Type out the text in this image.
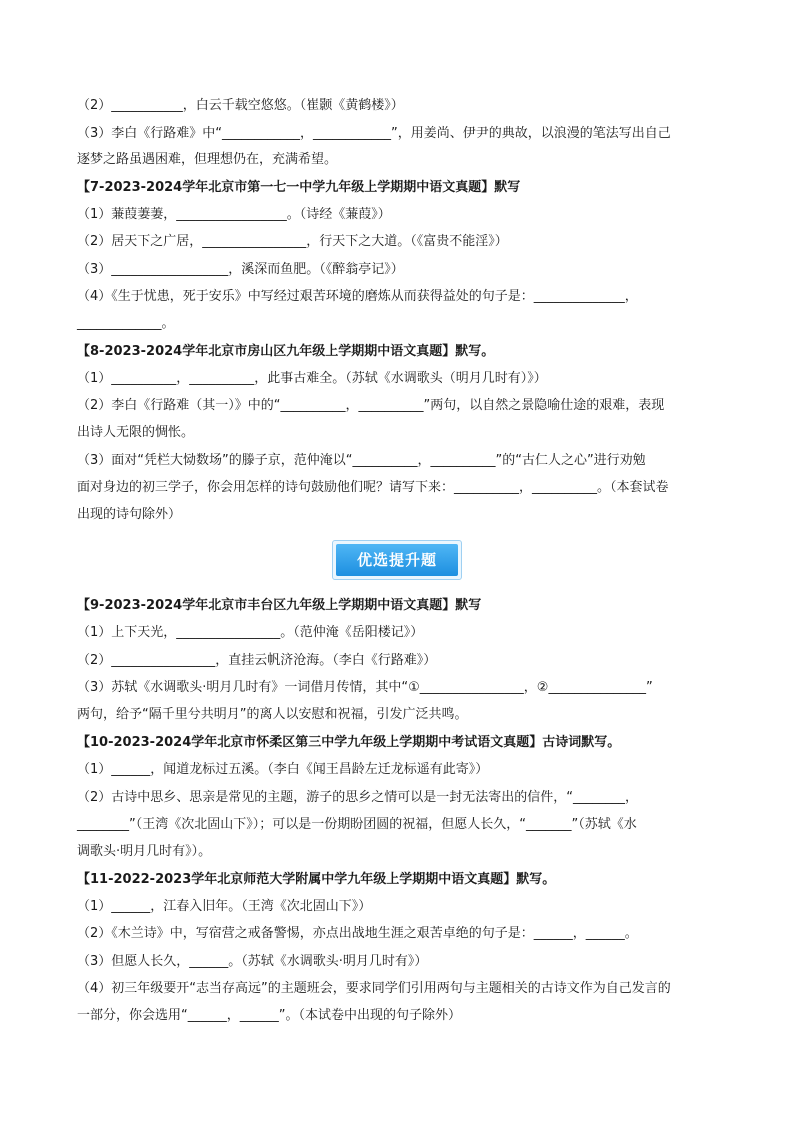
（2）___________，白云千载空悠悠。（崔颢《黄鹤楼》）
（3）李白《行路难》中“____________，____________”，用姜尚、伊尹的典故，以浪漫的笔法写出自己
逐梦之路虽遇困难，但理想仍在，充满希望。
【7-2023-2024学年北京市第一七一中学九年级上学期期中语文真题】默写
（1）蒹葭萋萋，_________________。（诗经《蒹葭》）
（2）居天下之广居，________________，行天下之大道。（《富贵不能淫》）
（3）__________________，溪深而鱼肥。（《醉翁亭记》）
（4）《生于忧患，死于安乐》中写经过艰苦环境的磨炼从而获得益处的句子是：______________，
_____________。
【8-2023-2024学年北京市房山区九年级上学期期中语文真题】默写。
（1）__________，__________，此事古难全。（苏轼《水调歌头（明月几时有）》）
（2）李白《行路难（其一）》中的“__________，__________”两句，以自然之景隐喻仕途的艰难，表现
出诗人无限的惆怅。
（3）面对“凭栏大恸数场”的滕子京，范仲淹以“__________，__________”的“古仁人之心”进行劝勉
面对身边的初三学子，你会用怎样的诗句鼓励他们呢？请写下来：__________，__________。（本套试卷
出现的诗句除外）
优选提升题
【9-2023-2024学年北京市丰台区九年级上学期期中语文真题】默写
（1）上下天光，________________。（范仲淹《岳阳楼记》）
（2）________________，直挂云帆济沧海。（李白《行路难》）
（3）苏轼《水调歌头·明月几时有》一词借月传情，其中“①________________，②_______________”
两句，给予“隔千里兮共明月”的离人以安慰和祝福，引发广泛共鸣。
【10-2023-2024学年北京市怀柔区第三中学九年级上学期期中考试语文真题】古诗词默写。
（1）______，闻道龙标过五溪。（李白《闻王昌龄左迁龙标遥有此寄》）
（2）古诗中思乡、思亲是常见的主题，游子的思乡之情可以是一封无法寄出的信件，“________，
________”（王湾《次北固山下》）；可以是一份期盼团圆的祝福，但愿人长久，“_______”（苏轼《水
调歌头·明月几时有》）。
【11-2022-2023学年北京师范大学附属中学九年级上学期期中语文真题】默写。
（1）______，江春入旧年。（王湾《次北固山下》）
（2）《木兰诗》中，写宿营之戒备警惕，亦点出战地生涯之艰苦卓绝的句子是：______，______。
（3）但愿人长久，______。（苏轼《水调歌头·明月几时有》）
（4）初三年级要开“志当存高远”的主题班会，要求同学们引用两句与主题相关的古诗文作为自己发言的
一部分，你会选用“______，______”。（本试卷中出现的句子除外）
